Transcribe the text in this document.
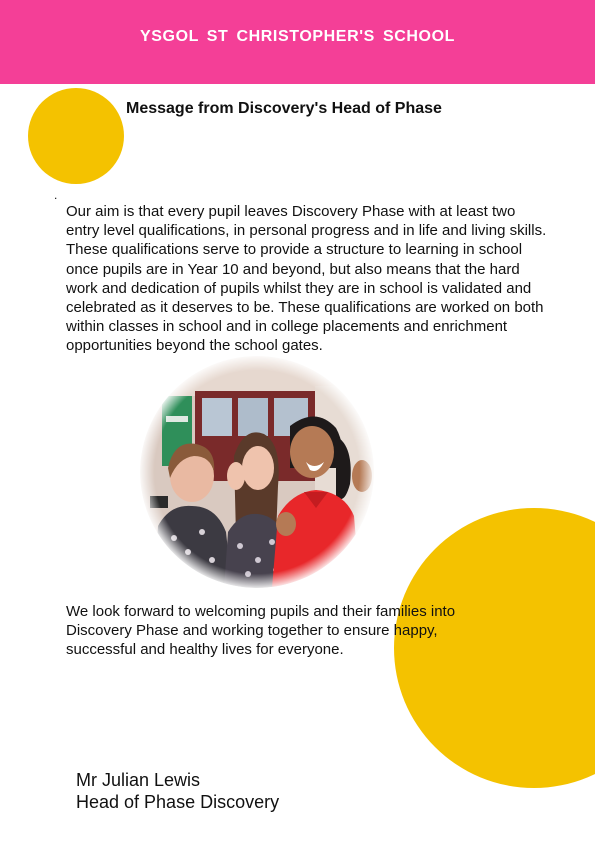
YSGOL ST CHRISTOPHER'S SCHOOL
Message from Discovery's Head of Phase
.

Our aim is that every pupil leaves Discovery Phase with at least two entry level qualifications, in personal progress and in life and living skills. These qualifications serve to provide a structure to learning in school once pupils are in Year 10 and beyond, but also means that the hard work and dedication of pupils whilst they are in school is validated and celebrated as it deserves to be. These qualifications are worked on both within classes in school and in college placements and enrichment opportunities beyond the school gates.

We look forward to welcoming pupils and their families into Discovery Phase and working together to ensure happy, successful and healthy lives for everyone.

Mr Julian Lewis
Head of Phase Discovery
